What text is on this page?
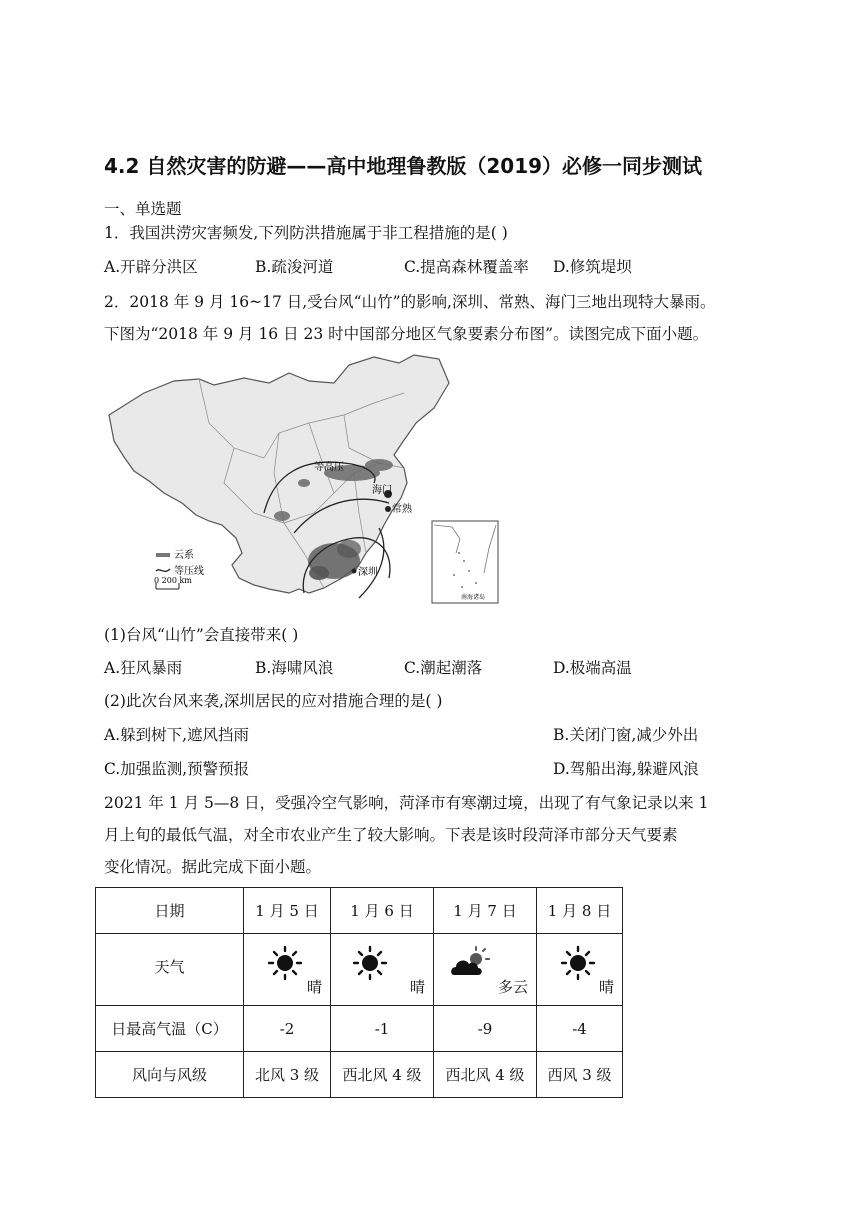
4.2 自然灾害的防避——高中地理鲁教版（2019）必修一同步测试
一、单选题
1．我国洪涝灾害频发,下列防洪措施属于非工程措施的是( )
A.开辟分洪区	B.疏浚河道	C.提高森林覆盖率 D.修筑堤坝
2．2018 年 9 月 16~17 日,受台风“山竹”的影响,深圳、常熟、海门三地出现特大暴雨。
下图为“2018 年 9 月 16 日 23 时中国部分地区气象要素分布图”。读图完成下面小题。
海门
常熟
深圳
等高压
云系
等压线
0 200 km
南海诸岛
(1)台风“山竹”会直接带来( )
A.狂风暴雨	B.海啸风浪	C.潮起潮落	D.极端高温
(2)此次台风来袭,深圳居民的应对措施合理的是( )
A.躲到树下,遮风挡雨	B.关闭门窗,减少外出
C.加强监测,预警预报	D.驾船出海,躲避风浪
2021 年 1 月 5—8 日，受强冷空气影响，菏泽市有寒潮过境，出现了有气象记录以来 1
月上旬的最低气温，对全市农业产生了较大影响。下表是该时段菏泽市部分天气要素
变化情况。据此完成下面小题。
日期	1 月 5 日	1 月 6 日	1 月 7 日	1 月 8 日
天气	晴	晴	多云	晴

日最高气温（C）	-2	-1	-9	-4
风向与风级	北风 3 级	西北风 4 级	西北风 4 级	西风 3 级
